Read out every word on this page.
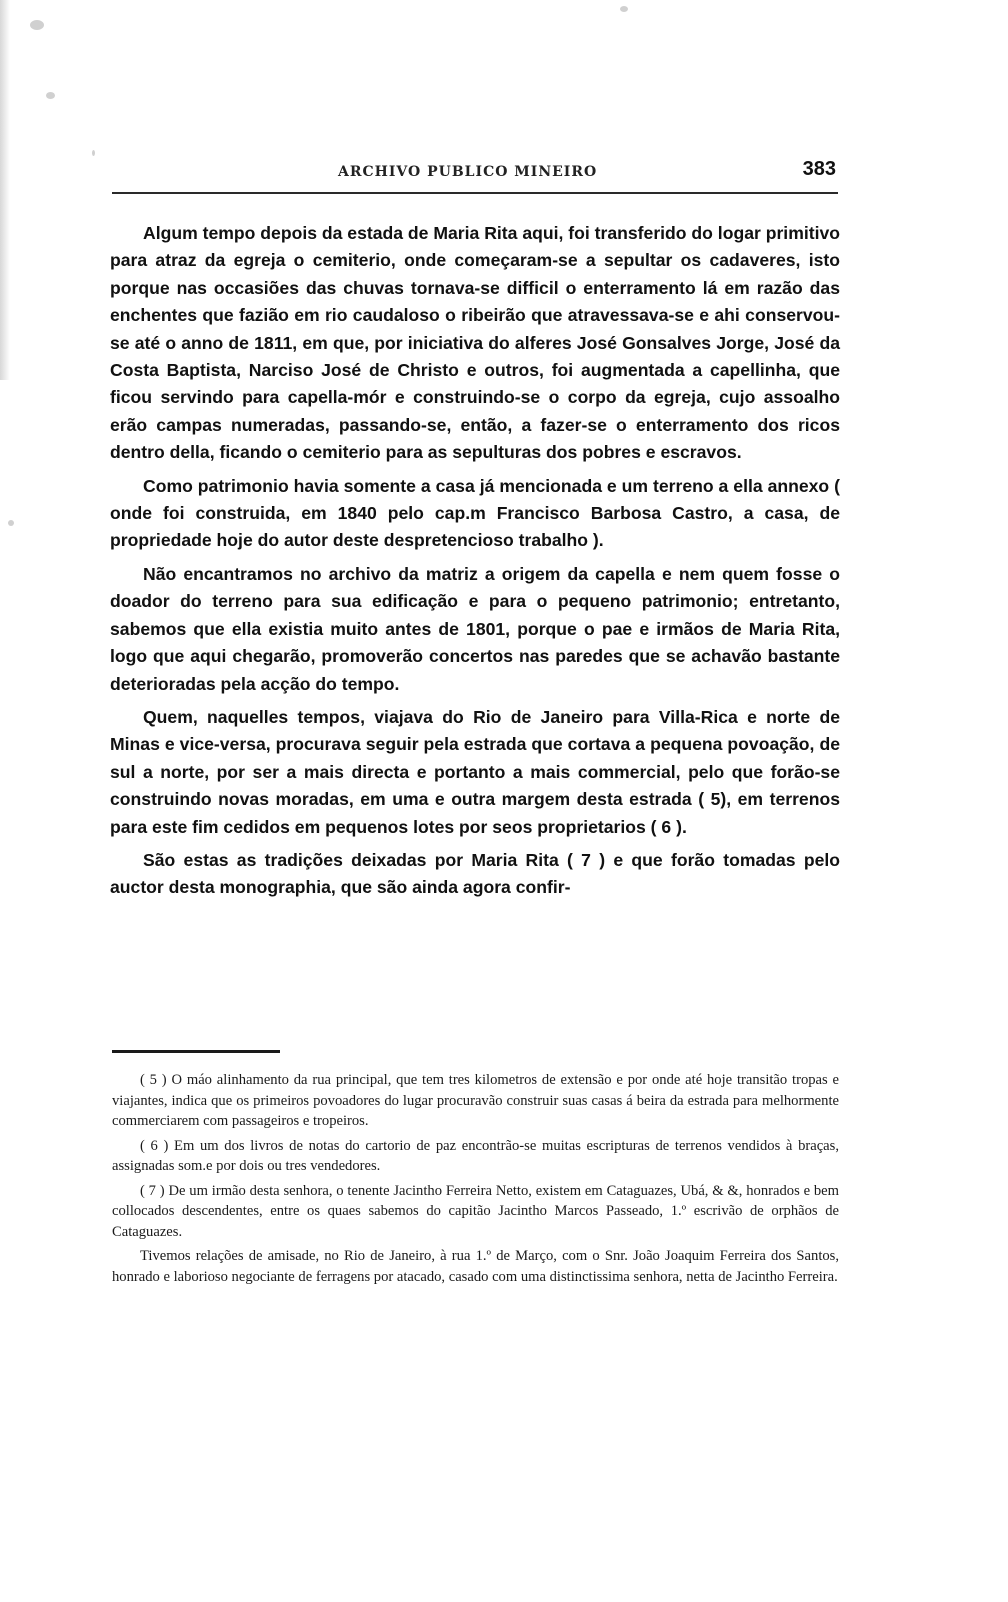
ARCHIVO PUBLICO MINEIRO	383

Algum tempo depois da estada de Maria Rita aqui, foi transferido do logar primitivo para atraz da egreja o cemiterio, onde começaram-se a sepultar os cadaveres, isto porque nas occasiões das chuvas tornava-se difficil o enterramento lá em razão das enchentes que fazião em rio caudaloso o ribeirão que atravessava-se e ahi conservou-se até o anno de 1811, em que, por iniciativa do alferes José Gonsalves Jorge, José da Costa Baptista, Narciso José de Christo e outros, foi augmentada a capellinha, que ficou servindo para capella-mór e construindo-se o corpo da egreja, cujo assoalho erão campas numeradas, passando-se, então, a fazer-se o enterramento dos ricos dentro della, ficando o cemiterio para as sepulturas dos pobres e escravos.

Como patrimonio havia somente a casa já mencionada e um terreno a ella annexo ( onde foi construida, em 1840 pelo cap.m Francisco Barbosa Castro, a casa, de propriedade hoje do autor deste despretencioso trabalho ).

Não encantramos no archivo da matriz a origem da capella e nem quem fosse o doador do terreno para sua edificação e para o pequeno patrimonio; entretanto, sabemos que ella existia muito antes de 1801, porque o pae e irmãos de Maria Rita, logo que aqui chegarão, promoverão concertos nas paredes que se achavão bastante deterioradas pela acção do tempo.

Quem, naquelles tempos, viajava do Rio de Janeiro para Villa-Rica e norte de Minas e vice-versa, procurava seguir pela estrada que cortava a pequena povoação, de sul a norte, por ser a mais directa e portanto a mais commercial, pelo que forão-se construindo novas moradas, em uma e outra margem desta estrada ( 5), em terrenos para este fim cedidos em pequenos lotes por seos proprietarios ( 6 ).

São estas as tradições deixadas por Maria Rita ( 7 ) e que forão tomadas pelo auctor desta monographia, que são ainda agora confir-

( 5 ) O máo alinhamento da rua principal, que tem tres kilometros de extensão e por onde até hoje transitão tropas e viajantes, indica que os primeiros povoadores do lugar procuravão construir suas casas á beira da estrada para melhormente commerciarem com passageiros e tropeiros.

( 6 ) Em um dos livros de notas do cartorio de paz encontrão-se muitas escripturas de terrenos vendidos à braças, assignadas som.e por dois ou tres vendedores.

( 7 ) De um irmão desta senhora, o tenente Jacintho Ferreira Netto, existem em Cataguazes, Ubá, & &, honrados e bem collocados descendentes, entre os quaes sabemos do capitão Jacintho Marcos Passeado, 1.º escrivão de orphãos de Cataguazes.

Tivemos relações de amisade, no Rio de Janeiro, à rua 1.º de Março, com o Snr. João Joaquim Ferreira dos Santos, honrado e laborioso negociante de ferragens por atacado, casado com uma distinctissima senhora, netta de Jacintho Ferreira.
